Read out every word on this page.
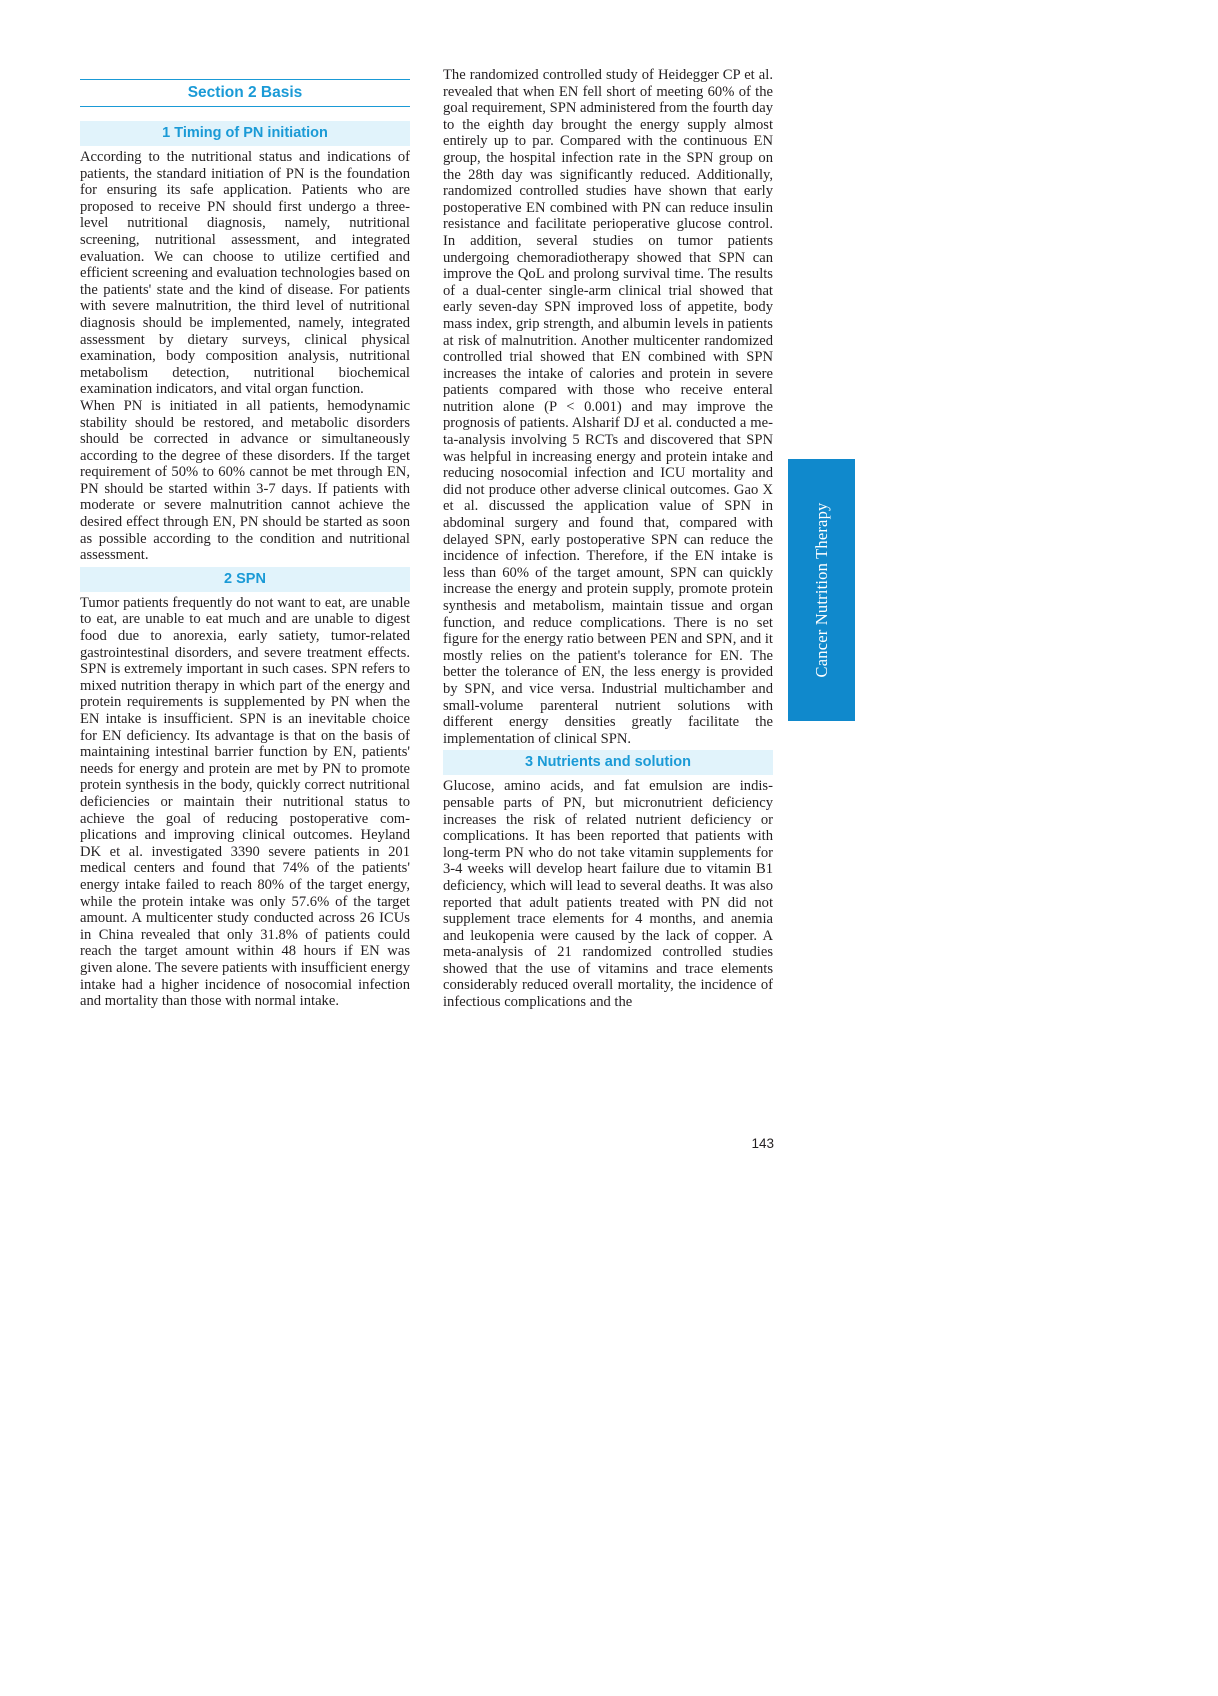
Section 2 Basis
1 Timing of PN initiation

According to the nutritional status and indications of patients, the standard initiation of PN is the foundation for ensuring its safe application. Patients who are proposed to receive PN should first undergo a three-level nutritional diagnosis, namely, nutritional screening, nutritional assessment, and integrated evaluation. We can choose to utilize certified and efficient screening and evaluation technologies based on the patients' state and the kind of disease. For patients with severe malnutrition, the third level of nutritional diagnosis should be implemented, namely, integrated assessment by dietary surveys, clinical physical examination, body composition analysis, nutritional metabolism detection, nutritional biochemical examination indicators, and vital organ function.

When PN is initiated in all patients, hemodynamic stability should be restored, and metabolic disorders should be corrected in advance or simultaneously according to the degree of these disorders. If the target requirement of 50% to 60% cannot be met through EN, PN should be started within 3-7 days. If patients with moderate or severe malnutrition cannot achieve the desired effect through EN, PN should be started as soon as possible according to the condition and nutritional assessment.

2 SPN

Tumor patients frequently do not want to eat, are unable to eat, are unable to eat much and are unable to digest food due to anorexia, early satiety, tumor-related gastrointestinal disorders, and severe treatment effects. SPN is extremely important in such cases. SPN refers to mixed nutrition therapy in which part of the energy and protein requirements is supplemented by PN when the EN intake is insufficient. SPN is an inevitable choice for EN deficiency. Its advantage is that on the basis of maintaining intestinal barrier function by EN, patients' needs for energy and protein are met by PN to promote protein synthesis in the body, quickly correct nutritional deficiencies or maintain their nutritional status to achieve the goal of reducing postoperative complications and improving clinical outcomes. Heyland DK et al. investigated 3390 severe patients in 201 medical centers and found that 74% of the patients' energy intake failed to reach 80% of the target energy, while the protein intake was only 57.6% of the target amount. A multicenter study conducted across 26 ICUs in China revealed that only 31.8% of patients could reach the target amount within 48 hours if EN was given alone. The severe patients with insufficient energy intake had a higher incidence of nosocomial infection and mortality than those with normal intake.

The randomized controlled study of Heidegger CP et al. revealed that when EN fell short of meeting 60% of the goal requirement, SPN administered from the fourth day to the eighth day brought the energy supply almost entirely up to par. Compared with the continuous EN group, the hospital infection rate in the SPN group on the 28th day was significantly reduced. Additionally, randomized controlled studies have shown that early postoperative EN combined with PN can reduce insulin resistance and facilitate perioperative glucose control. In addition, several studies on tumor patients undergoing chemoradiotherapy showed that SPN can improve the QoL and prolong survival time. The results of a dual-center single-arm clinical trial showed that early seven-day SPN improved loss of appetite, body mass index, grip strength, and albumin levels in patients at risk of malnutrition. Another multicenter randomized controlled trial showed that EN combined with SPN increases the intake of calories and protein in severe patients compared with those who receive enteral nutrition alone (P < 0.001) and may improve the prognosis of patients. Alsharif DJ et al. conducted a meta-analysis involving 5 RCTs and discovered that SPN was helpful in increasing energy and protein intake and reducing nosocomial infection and ICU mortality and did not produce other adverse clinical outcomes. Gao X et al. discussed the application value of SPN in abdominal surgery and found that, compared with delayed SPN, early postoperative SPN can reduce the incidence of infection. Therefore, if the EN intake is less than 60% of the target amount, SPN can quickly increase the energy and protein supply, promote protein synthesis and metabolism, maintain tissue and organ function, and reduce complications. There is no set figure for the energy ratio between PEN and SPN, and it mostly relies on the patient's tolerance for EN. The better the tolerance of EN, the less energy is provided by SPN, and vice versa. Industrial multichamber and small-volume parenteral nutrient solutions with different energy densities greatly facilitate the implementation of clinical SPN.

3 Nutrients and solution

Glucose, amino acids, and fat emulsion are indispensable parts of PN, but micronutrient deficiency increases the risk of related nutrient deficiency or complications. It has been reported that patients with long-term PN who do not take vitamin supplements for 3-4 weeks will develop heart failure due to vitamin B1 deficiency, which will lead to several deaths. It was also reported that adult patients treated with PN did not supplement trace elements for 4 months, and anemia and leukopenia were caused by the lack of copper. A meta-analysis of 21 randomized controlled studies showed that the use of vitamins and trace elements considerably reduced overall mortality, the incidence of infectious complications and the

Cancer Nutrition Therapy
143
